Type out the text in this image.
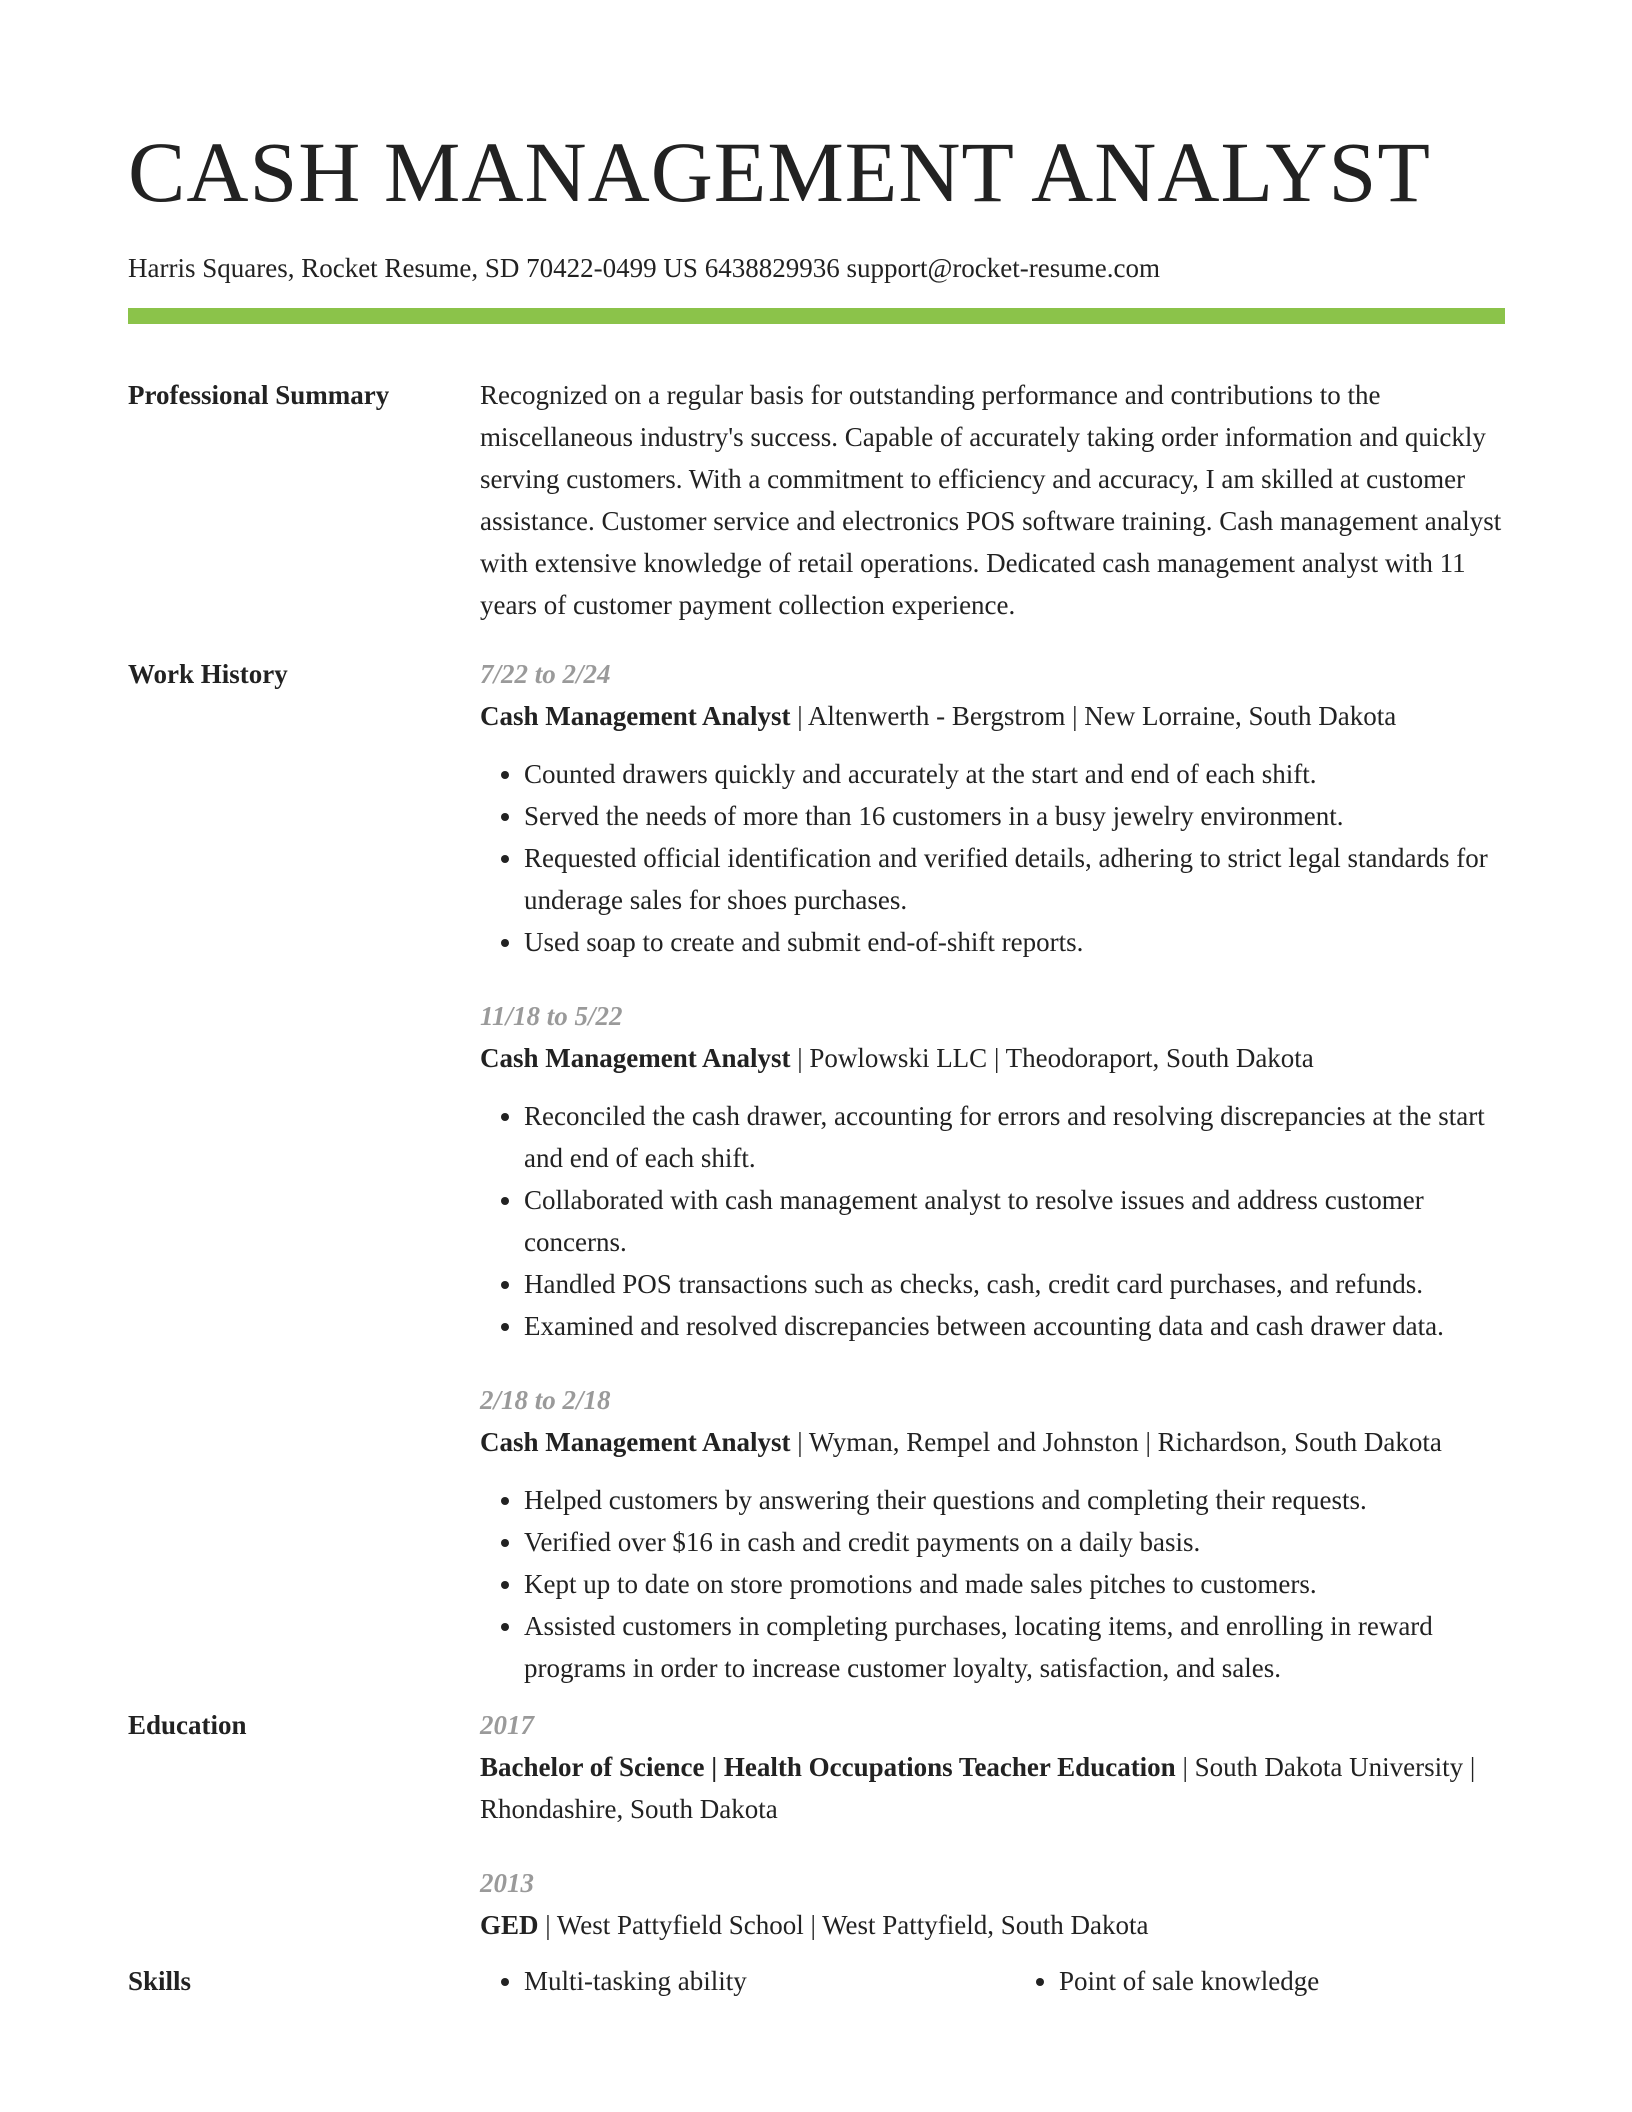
CASH MANAGEMENT ANALYST
Harris Squares, Rocket Resume, SD 70422-0499 US 6438829936 support@rocket-resume.com
Professional Summary	Recognized on a regular basis for outstanding performance and contributions to the miscellaneous industry's success. Capable of accurately taking order information and quickly serving customers. With a commitment to efficiency and accuracy, I am skilled at customer assistance. Customer service and electronics POS software training. Cash management analyst with extensive knowledge of retail operations. Dedicated cash management analyst with 11 years of customer payment collection experience.
Work History	7/22 to 2/24
Cash Management Analyst | Altenwerth - Bergstrom | New Lorraine, South Dakota
• Counted drawers quickly and accurately at the start and end of each shift.
• Served the needs of more than 16 customers in a busy jewelry environment.
• Requested official identification and verified details, adhering to strict legal standards for underage sales for shoes purchases.
• Used soap to create and submit end-of-shift reports.
11/18 to 5/22
Cash Management Analyst | Powlowski LLC | Theodoraport, South Dakota
• Reconciled the cash drawer, accounting for errors and resolving discrepancies at the start and end of each shift.
• Collaborated with cash management analyst to resolve issues and address customer concerns.
• Handled POS transactions such as checks, cash, credit card purchases, and refunds.
• Examined and resolved discrepancies between accounting data and cash drawer data.
2/18 to 2/18
Cash Management Analyst | Wyman, Rempel and Johnston | Richardson, South Dakota
• Helped customers by answering their questions and completing their requests.
• Verified over $16 in cash and credit payments on a daily basis.
• Kept up to date on store promotions and made sales pitches to customers.
• Assisted customers in completing purchases, locating items, and enrolling in reward programs in order to increase customer loyalty, satisfaction, and sales.
Education	2017
Bachelor of Science | Health Occupations Teacher Education | South Dakota University | Rhondashire, South Dakota
2013
GED | West Pattyfield School | West Pattyfield, South Dakota
Skills	• Multi-tasking ability	• Point of sale knowledge
